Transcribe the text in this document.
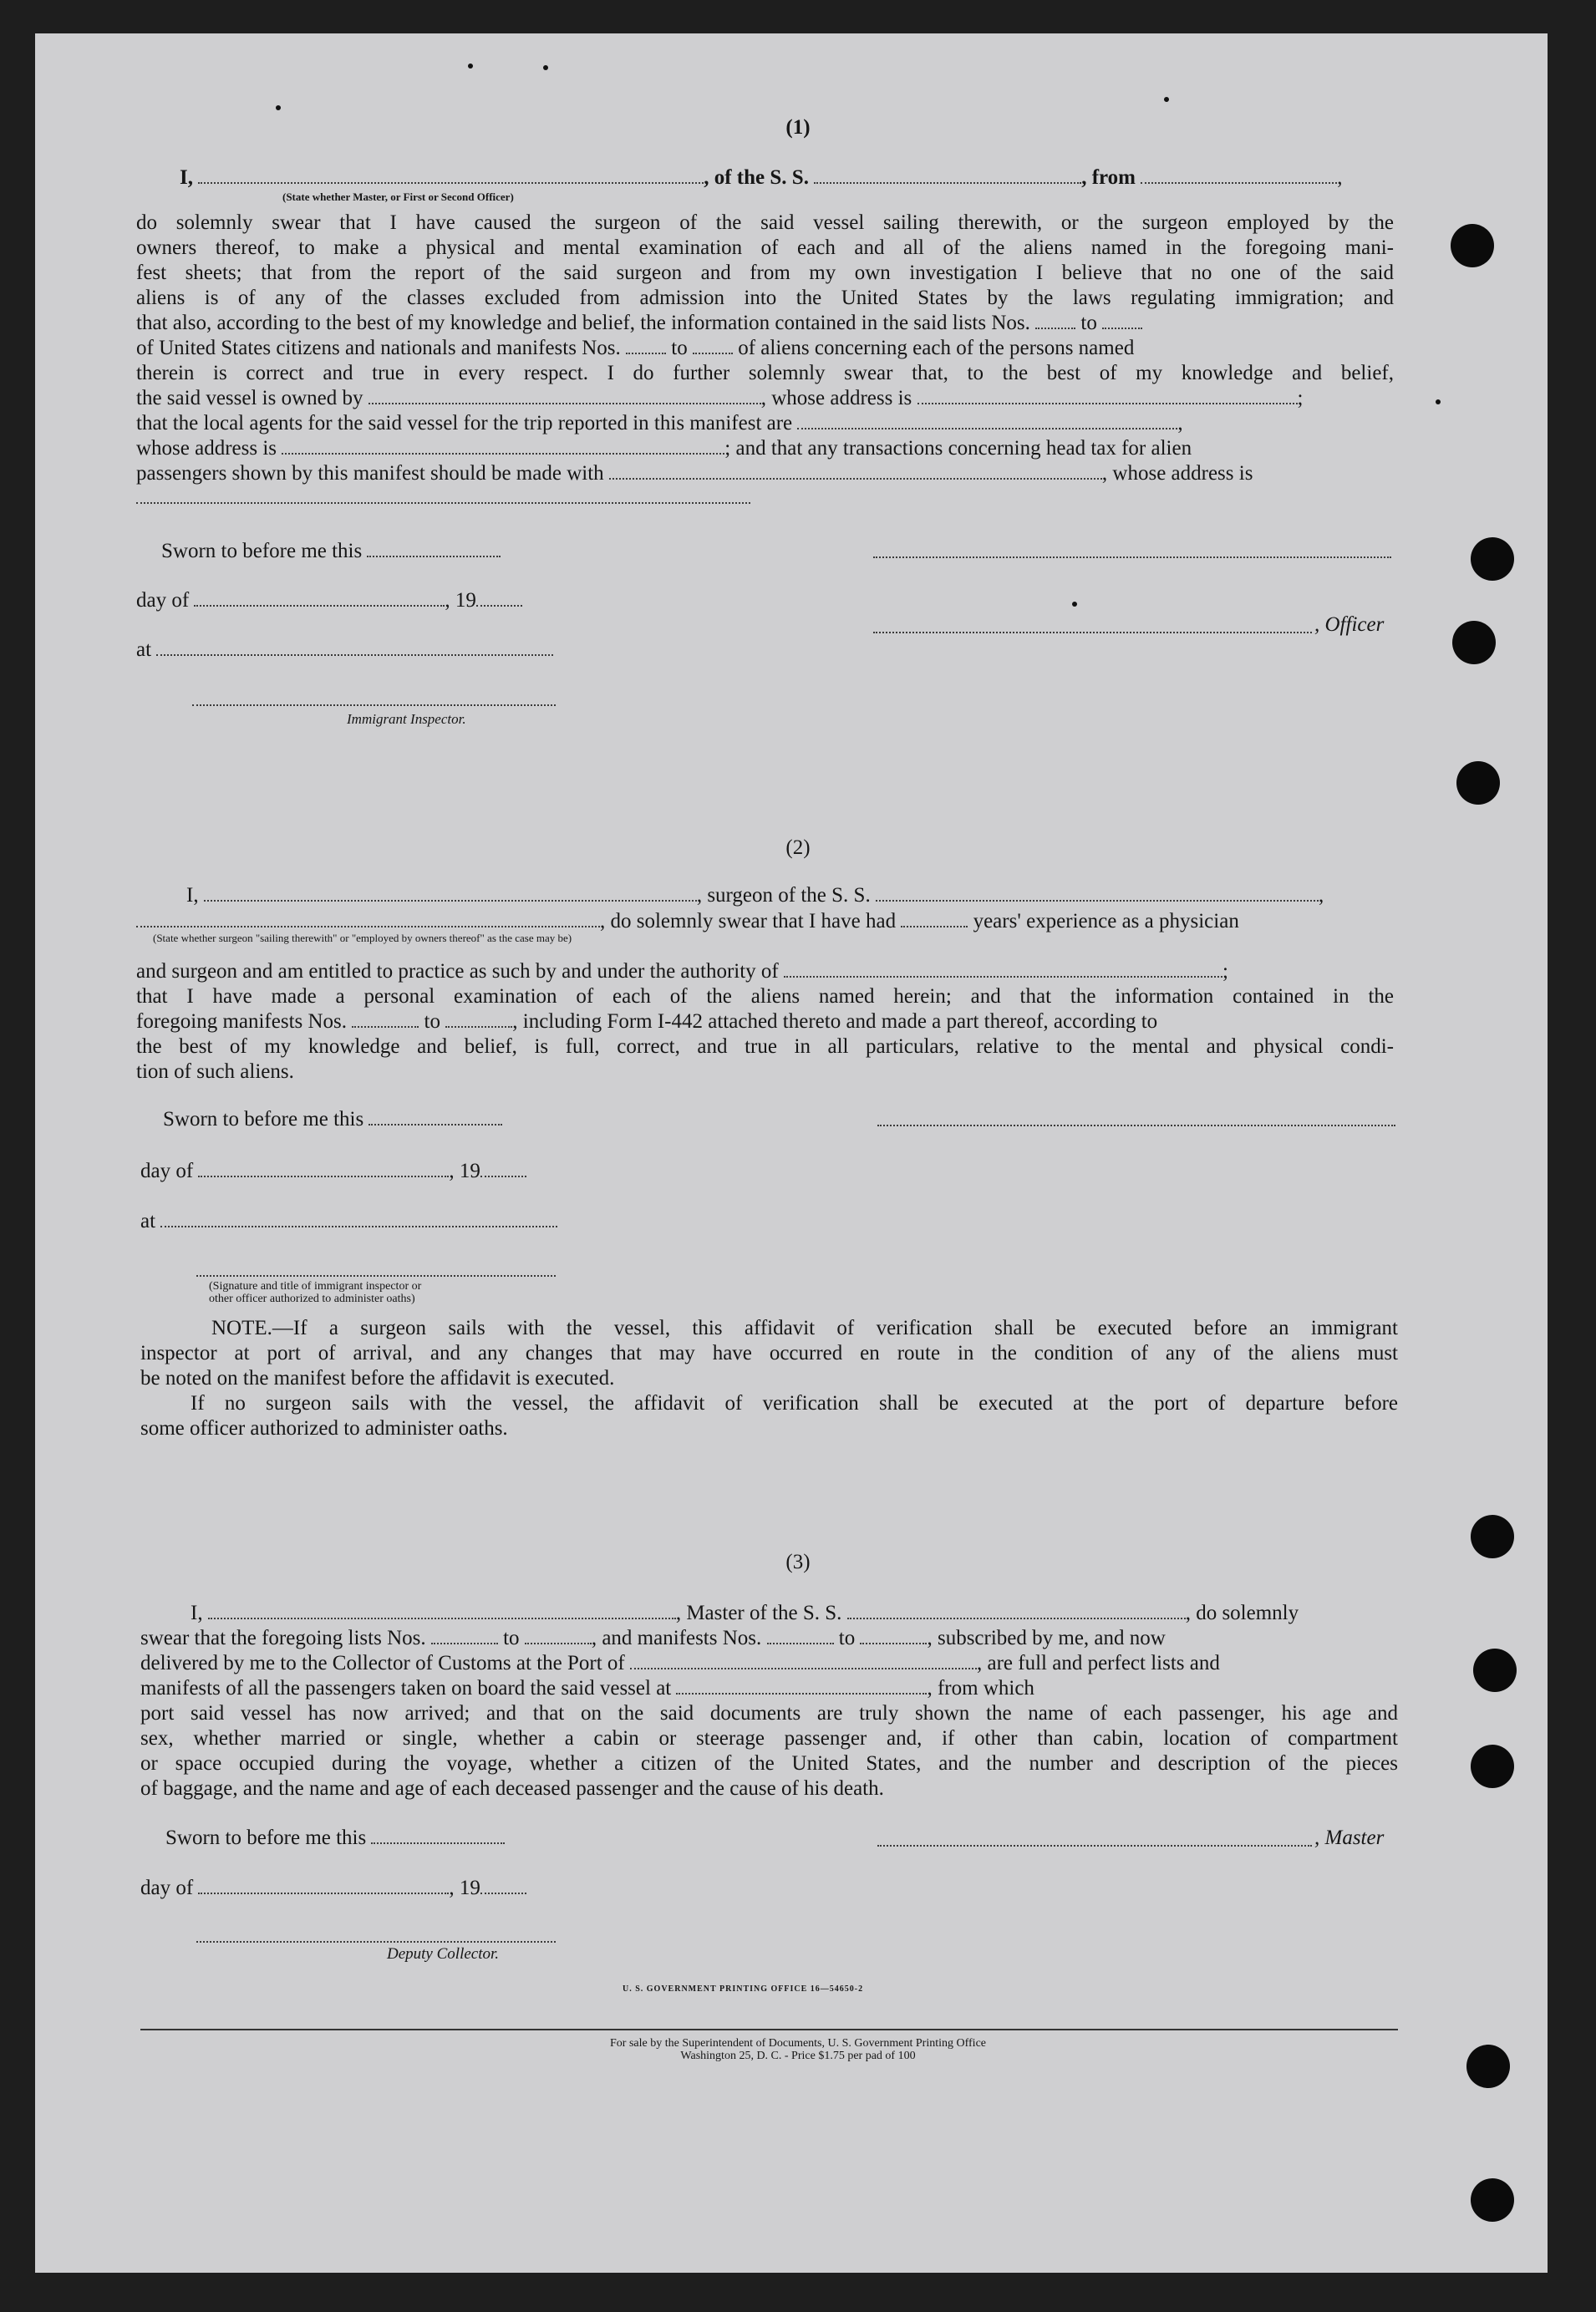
(1)
I,	, of the S. S.	, from	,
(State whether Master, or First or Second Officer)
do solemnly swear that I have caused the surgeon of the said vessel sailing therewith, or the surgeon employed by the
owners thereof, to make a physical and mental examination of each and all of the aliens named in the foregoing mani-
fest sheets; that from the report of the said surgeon and from my own investigation I believe that no one of the said
aliens is of any of the classes excluded from admission into the United States by the laws regulating immigration; and
that also, according to the best of my knowledge and belief, the information contained in the said lists Nos. to
of United States citizens and nationals and manifests Nos. to of aliens concerning each of the persons named
therein is correct and true in every respect. I do further solemnly swear that, to the best of my knowledge and belief,
the said vessel is owned by	, whose address is	;
that the local agents for the said vessel for the trip reported in this manifest are	,
whose address is	; and that any transactions concerning head tax for alien
passengers shown by this manifest should be made with	, whose address is
Sworn to before me this
day of	, 19
, Officer
at
Immigrant Inspector.
(2)
I,	, surgeon of the S. S.	,
, do solemnly swear that I have had	years' experience as a physician
(State whether surgeon "sailing therewith" or "employed by owners thereof" as the case may be)
and surgeon and am entitled to practice as such by and under the authority of	;
that I have made a personal examination of each of the aliens named herein; and that the information contained in the
foregoing manifests Nos.	to	, including Form I-442 attached thereto and made a part thereof, according to
the best of my knowledge and belief, is full, correct, and true in all particulars, relative to the mental and physical condi-
tion of such aliens.
Sworn to before me this
day of	, 19
at
(Signature and title of immigrant inspector or
other officer authorized to administer oaths)
NOTE.—If a surgeon sails with the vessel, this affidavit of verification shall be executed before an immigrant
inspector at port of arrival, and any changes that may have occurred en route in the condition of any of the aliens must
be noted on the manifest before the affidavit is executed.
If no surgeon sails with the vessel, the affidavit of verification shall be executed at the port of departure before
some officer authorized to administer oaths.
(3)
I,	, Master of the S. S.	, do solemnly
swear that the foregoing lists Nos.	to	, and manifests Nos.	to	, subscribed by me, and now
delivered by me to the Collector of Customs at the Port of	, are full and perfect lists and
manifests of all the passengers taken on board the said vessel at	, from which
port said vessel has now arrived; and that on the said documents are truly shown the name of each passenger, his age and
sex, whether married or single, whether a cabin or steerage passenger and, if other than cabin, location of compartment
or space occupied during the voyage, whether a citizen of the United States, and the number and description of the pieces
of baggage, and the name and age of each deceased passenger and the cause of his death.
Sworn to before me this	, Master
day of	, 19
Deputy Collector.
U. S. GOVERNMENT PRINTING OFFICE 16—54650-2
For sale by the Superintendent of Documents, U. S. Government Printing Office
Washington 25, D. C. - Price $1.75 per pad of 100
